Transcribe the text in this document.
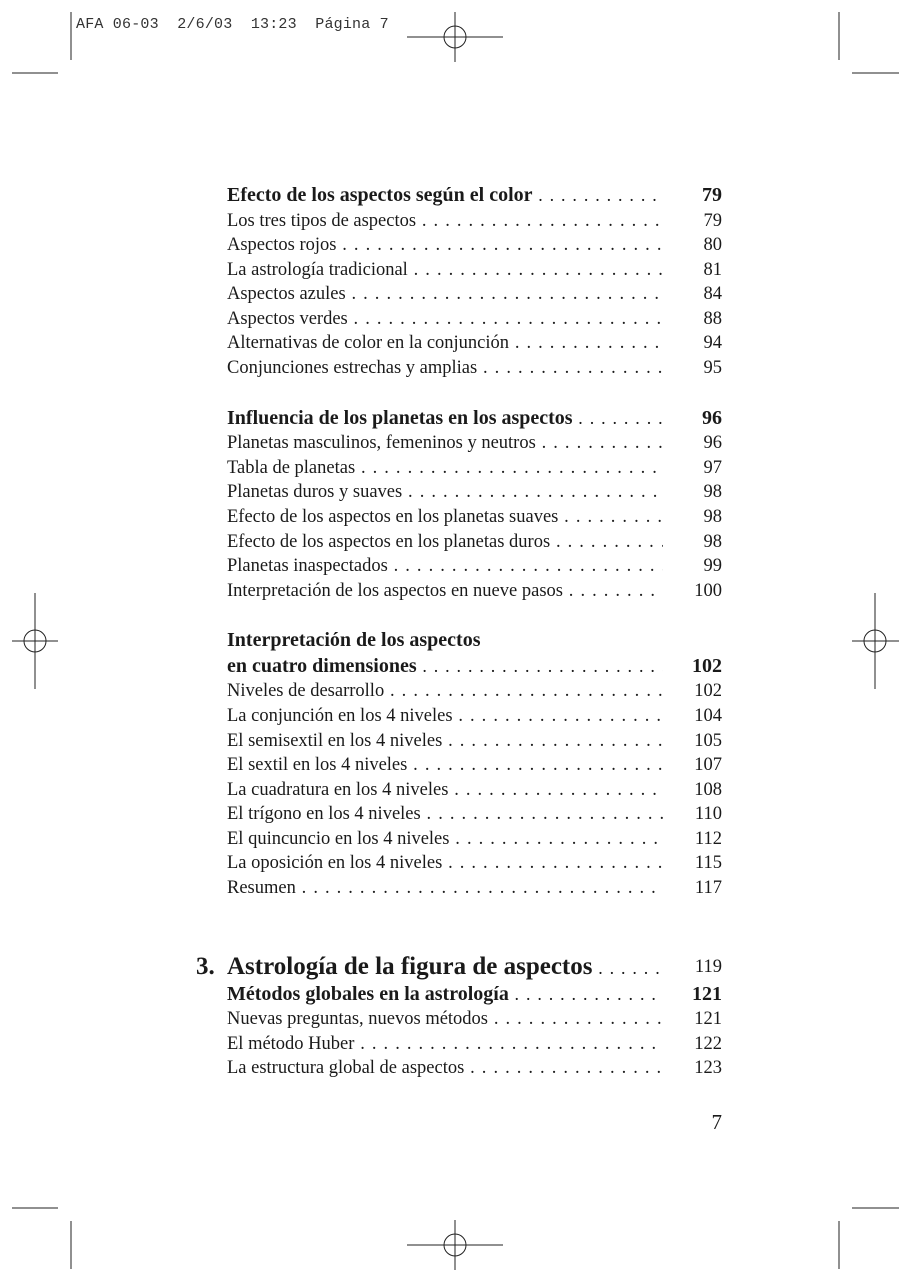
AFA 06-03  2/6/03  13:23  Página 7
Efecto de los aspectos según el color . . .	79
Los tres tipos de aspectos . . .	79
Aspectos rojos . . .	80
La astrología tradicional . . .	81
Aspectos azules . . .	84
Aspectos verdes . . .	88
Alternativas de color en la conjunción . . .	94
Conjunciones estrechas y amplias . . .	95
Influencia de los planetas en los aspectos . . .	96
Planetas masculinos, femeninos y neutros . . .	96
Tabla de planetas . . .	97
Planetas duros y suaves . . .	98
Efecto de los aspectos en los planetas suaves . . .	98
Efecto de los aspectos en los planetas duros . . .	98
Planetas inaspectados . . .	99
Interpretación de los aspectos en nueve pasos . . .	100
Interpretación de los aspectos
en cuatro dimensiones . . .	102
Niveles de desarrollo . . .	102
La conjunción en los 4 niveles . . .	104
El semisextil en los 4 niveles . . .	105
El sextil en los 4 niveles . . .	107
La cuadratura en los 4 niveles . . .	108
El trígono en los 4 niveles . . .	110
El quincuncio en los 4 niveles . . .	112
La oposición en los 4 niveles . . .	115
Resumen . . .	117
3. Astrología de la figura de aspectos . . .	119
Métodos globales en la astrología . . .	121
Nuevas preguntas, nuevos métodos . . .	121
El método Huber . . .	122
La estructura global de aspectos . . .	123
7
